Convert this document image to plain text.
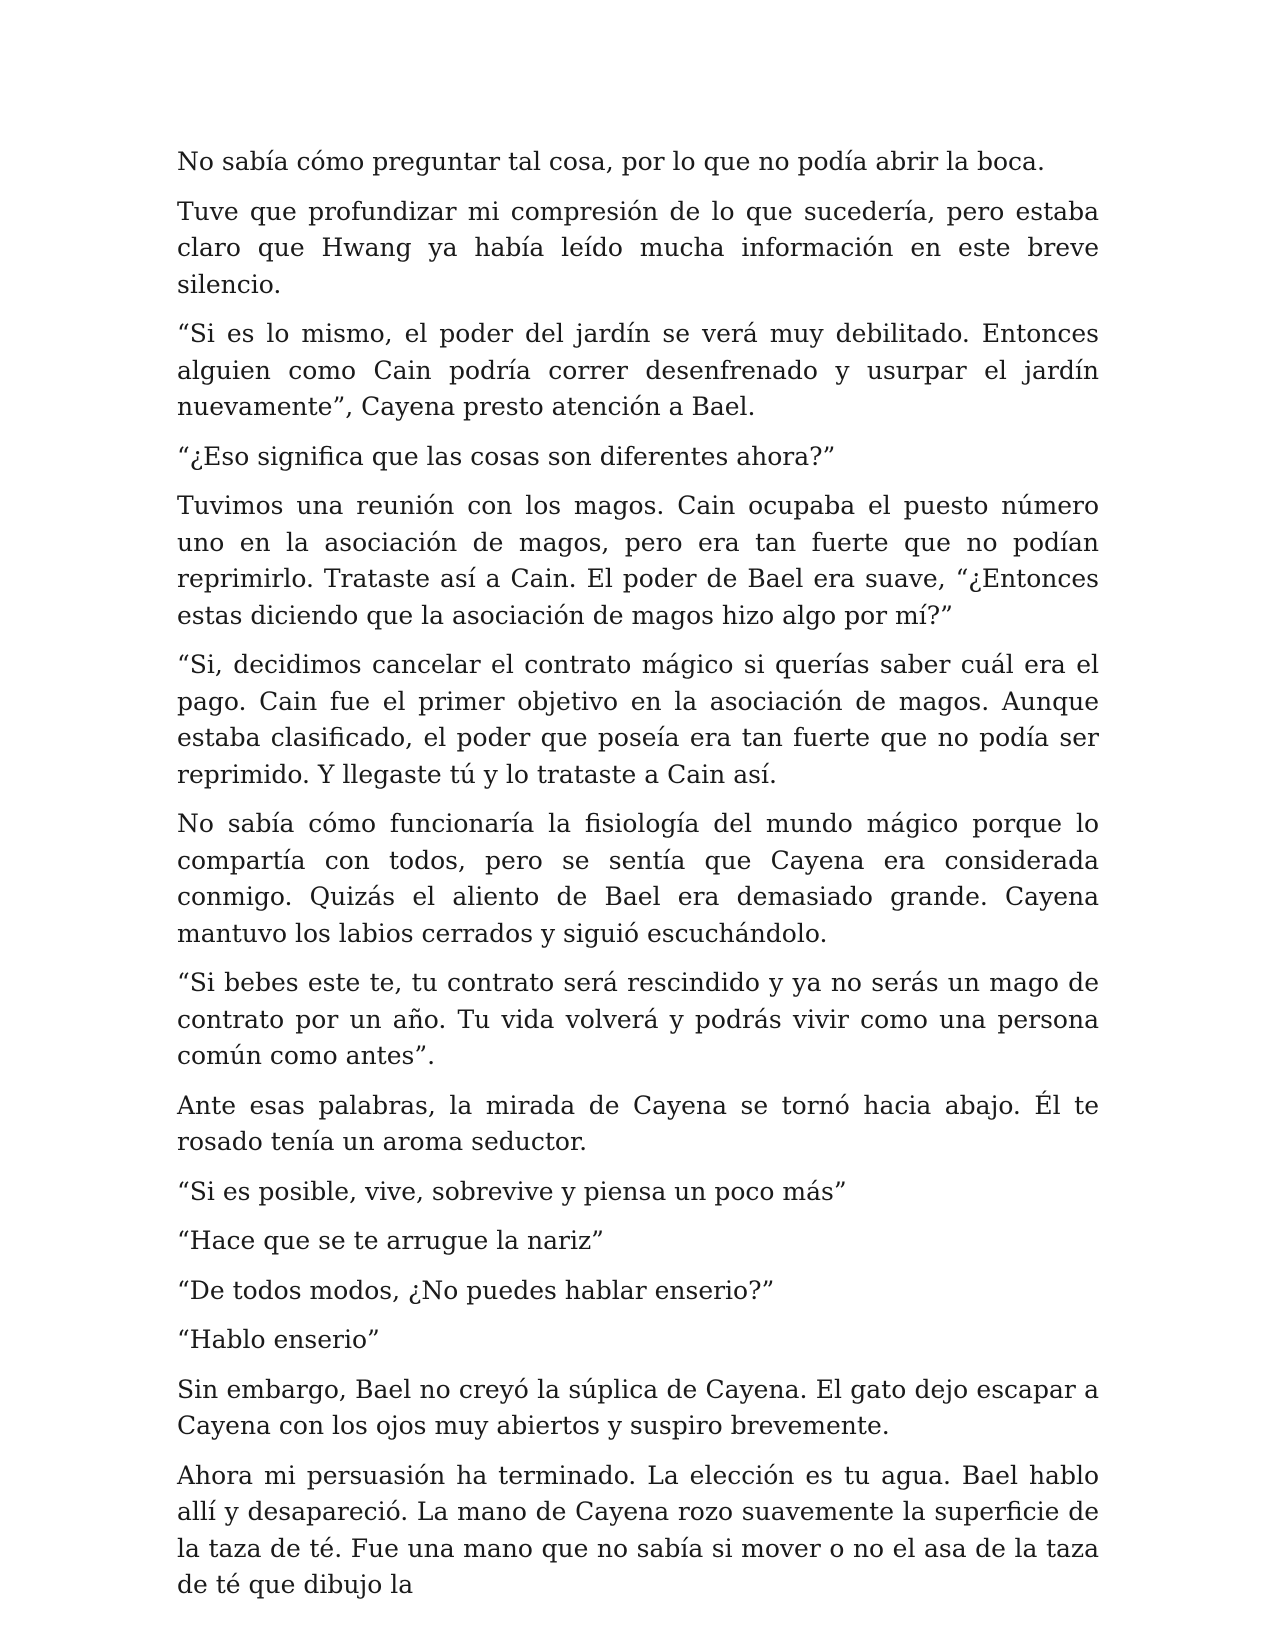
No sabía cómo preguntar tal cosa, por lo que no podía abrir la boca.

Tuve que profundizar mi compresión de lo que sucedería, pero estaba claro que Hwang ya había leído mucha información en este breve silencio.

“Si es lo mismo, el poder del jardín se verá muy debilitado. Entonces alguien como Cain podría correr desenfrenado y usurpar el jardín nuevamente”, Cayena presto atención a Bael.

“¿Eso significa que las cosas son diferentes ahora?”

Tuvimos una reunión con los magos. Cain ocupaba el puesto número uno en la asociación de magos, pero era tan fuerte que no podían reprimirlo. Trataste así a Cain. El poder de Bael era suave, “¿Entonces estas diciendo que la asociación de magos hizo algo por mí?”

“Si, decidimos cancelar el contrato mágico si querías saber cuál era el pago. Cain fue el primer objetivo en la asociación de magos. Aunque estaba clasificado, el poder que poseía era tan fuerte que no podía ser reprimido. Y llegaste tú y lo trataste a Cain así.

No sabía cómo funcionaría la fisiología del mundo mágico porque lo compartía con todos, pero se sentía que Cayena era considerada conmigo. Quizás el aliento de Bael era demasiado grande. Cayena mantuvo los labios cerrados y siguió escuchándolo.

“Si bebes este te, tu contrato será rescindido y ya no serás un mago de contrato por un año. Tu vida volverá y podrás vivir como una persona común como antes”.

Ante esas palabras, la mirada de Cayena se tornó hacia abajo. Él te rosado tenía un aroma seductor.

“Si es posible, vive, sobrevive y piensa un poco más”

“Hace que se te arrugue la nariz”

“De todos modos, ¿No puedes hablar enserio?”

“Hablo enserio”

Sin embargo, Bael no creyó la súplica de Cayena. El gato dejo escapar a Cayena con los ojos muy abiertos y suspiro brevemente.

Ahora mi persuasión ha terminado. La elección es tu agua. Bael hablo allí y desapareció. La mano de Cayena rozo suavemente la superficie de la taza de té. Fue una mano que no sabía si mover o no el asa de la taza de té que dibujo la
